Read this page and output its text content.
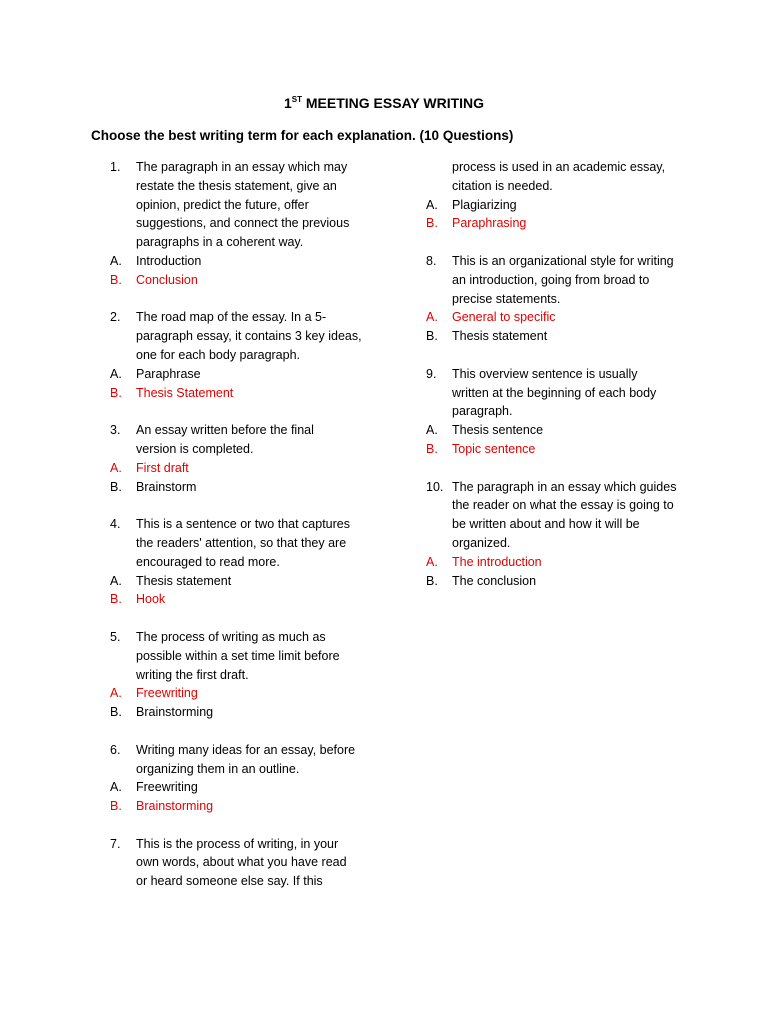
1ST MEETING ESSAY WRITING
Choose the best writing term for each explanation. (10 Questions)
1.	The paragraph in an essay which may
restate the thesis statement, give an
opinion, predict the future, offer
suggestions, and connect the previous
paragraphs in a coherent way.
A.	Introduction
B.	Conclusion
2.	The road map of the essay. In a 5-
paragraph essay, it contains 3 key ideas,
one for each body paragraph.
A.	Paraphrase
B.	Thesis Statement
3.	An essay written before the final
version is completed.
A.	First draft
B.	Brainstorm
4.	This is a sentence or two that captures
the readers' attention, so that they are
encouraged to read more.
A.	Thesis statement
B.	Hook
5.	The process of writing as much as
possible within a set time limit before
writing the first draft.
A.	Freewriting
B.	Brainstorming
6.	Writing many ideas for an essay, before
organizing them in an outline.
A.	Freewriting
B.	Brainstorming
7.	This is the process of writing, in your
own words, about what you have read
or heard someone else say. If this
process is used in an academic essay,
citation is needed.
A.	Plagiarizing
B.	Paraphrasing
8.	This is an organizational style for writing
an introduction, going from broad to
precise statements.
A.	General to specific
B.	Thesis statement
9.	This overview sentence is usually
written at the beginning of each body
paragraph.
A.	Thesis sentence
B.	Topic sentence
10. The paragraph in an essay which guides
the reader on what the essay is going to
be written about and how it will be
organized.
A.	The introduction
B.	The conclusion
